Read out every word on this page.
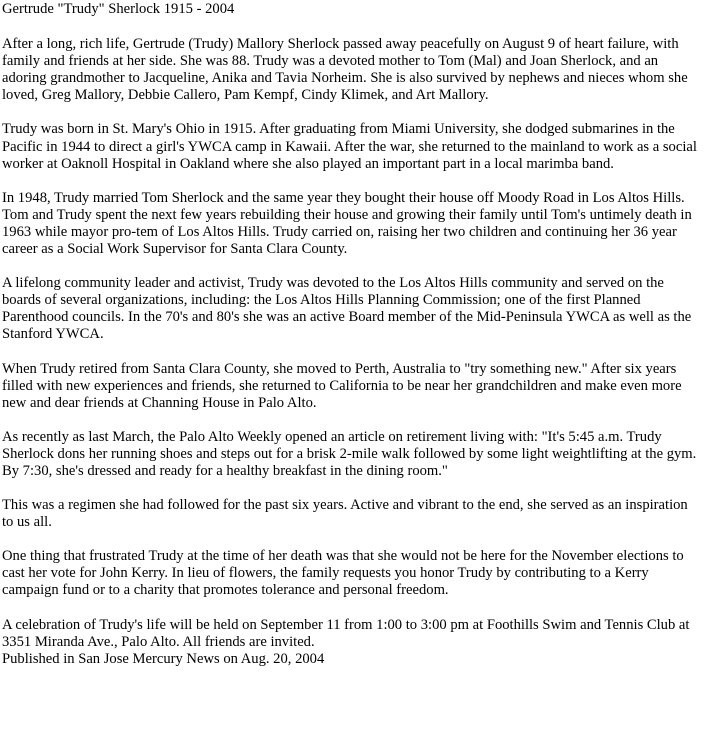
Gertrude "Trudy" Sherlock 1915 - 2004

After a long, rich life, Gertrude (Trudy) Mallory Sherlock passed away peacefully on August 9 of heart failure, with family and friends at her side. She was 88. Trudy was a devoted mother to Tom (Mal) and Joan Sherlock, and an adoring grandmother to Jacqueline, Anika and Tavia Norheim. She is also survived by nephews and nieces whom she loved, Greg Mallory, Debbie Callero, Pam Kempf, Cindy Klimek, and Art Mallory.

Trudy was born in St. Mary's Ohio in 1915. After graduating from Miami University, she dodged submarines in the Pacific in 1944 to direct a girl's YWCA camp in Kawaii. After the war, she returned to the mainland to work as a social worker at Oaknoll Hospital in Oakland where she also played an important part in a local marimba band.

In 1948, Trudy married Tom Sherlock and the same year they bought their house off Moody Road in Los Altos Hills. Tom and Trudy spent the next few years rebuilding their house and growing their family until Tom's untimely death in 1963 while mayor pro-tem of Los Altos Hills. Trudy carried on, raising her two children and continuing her 36 year career as a Social Work Supervisor for Santa Clara County.

A lifelong community leader and activist, Trudy was devoted to the Los Altos Hills community and served on the boards of several organizations, including: the Los Altos Hills Planning Commission; one of the first Planned Parenthood councils. In the 70's and 80's she was an active Board member of the Mid-Peninsula YWCA as well as the Stanford YWCA.

When Trudy retired from Santa Clara County, she moved to Perth, Australia to "try something new." After six years filled with new experiences and friends, she returned to California to be near her grandchildren and make even more new and dear friends at Channing House in Palo Alto.

As recently as last March, the Palo Alto Weekly opened an article on retirement living with: "It's 5:45 a.m. Trudy Sherlock dons her running shoes and steps out for a brisk 2-mile walk followed by some light weightlifting at the gym. By 7:30, she's dressed and ready for a healthy breakfast in the dining room."

This was a regimen she had followed for the past six years. Active and vibrant to the end, she served as an inspiration to us all.

One thing that frustrated Trudy at the time of her death was that she would not be here for the November elections to cast her vote for John Kerry. In lieu of flowers, the family requests you honor Trudy by contributing to a Kerry campaign fund or to a charity that promotes tolerance and personal freedom.

A celebration of Trudy's life will be held on September 11 from 1:00 to 3:00 pm at Foothills Swim and Tennis Club at 3351 Miranda Ave., Palo Alto. All friends are invited.

Published in San Jose Mercury News on Aug. 20, 2004
